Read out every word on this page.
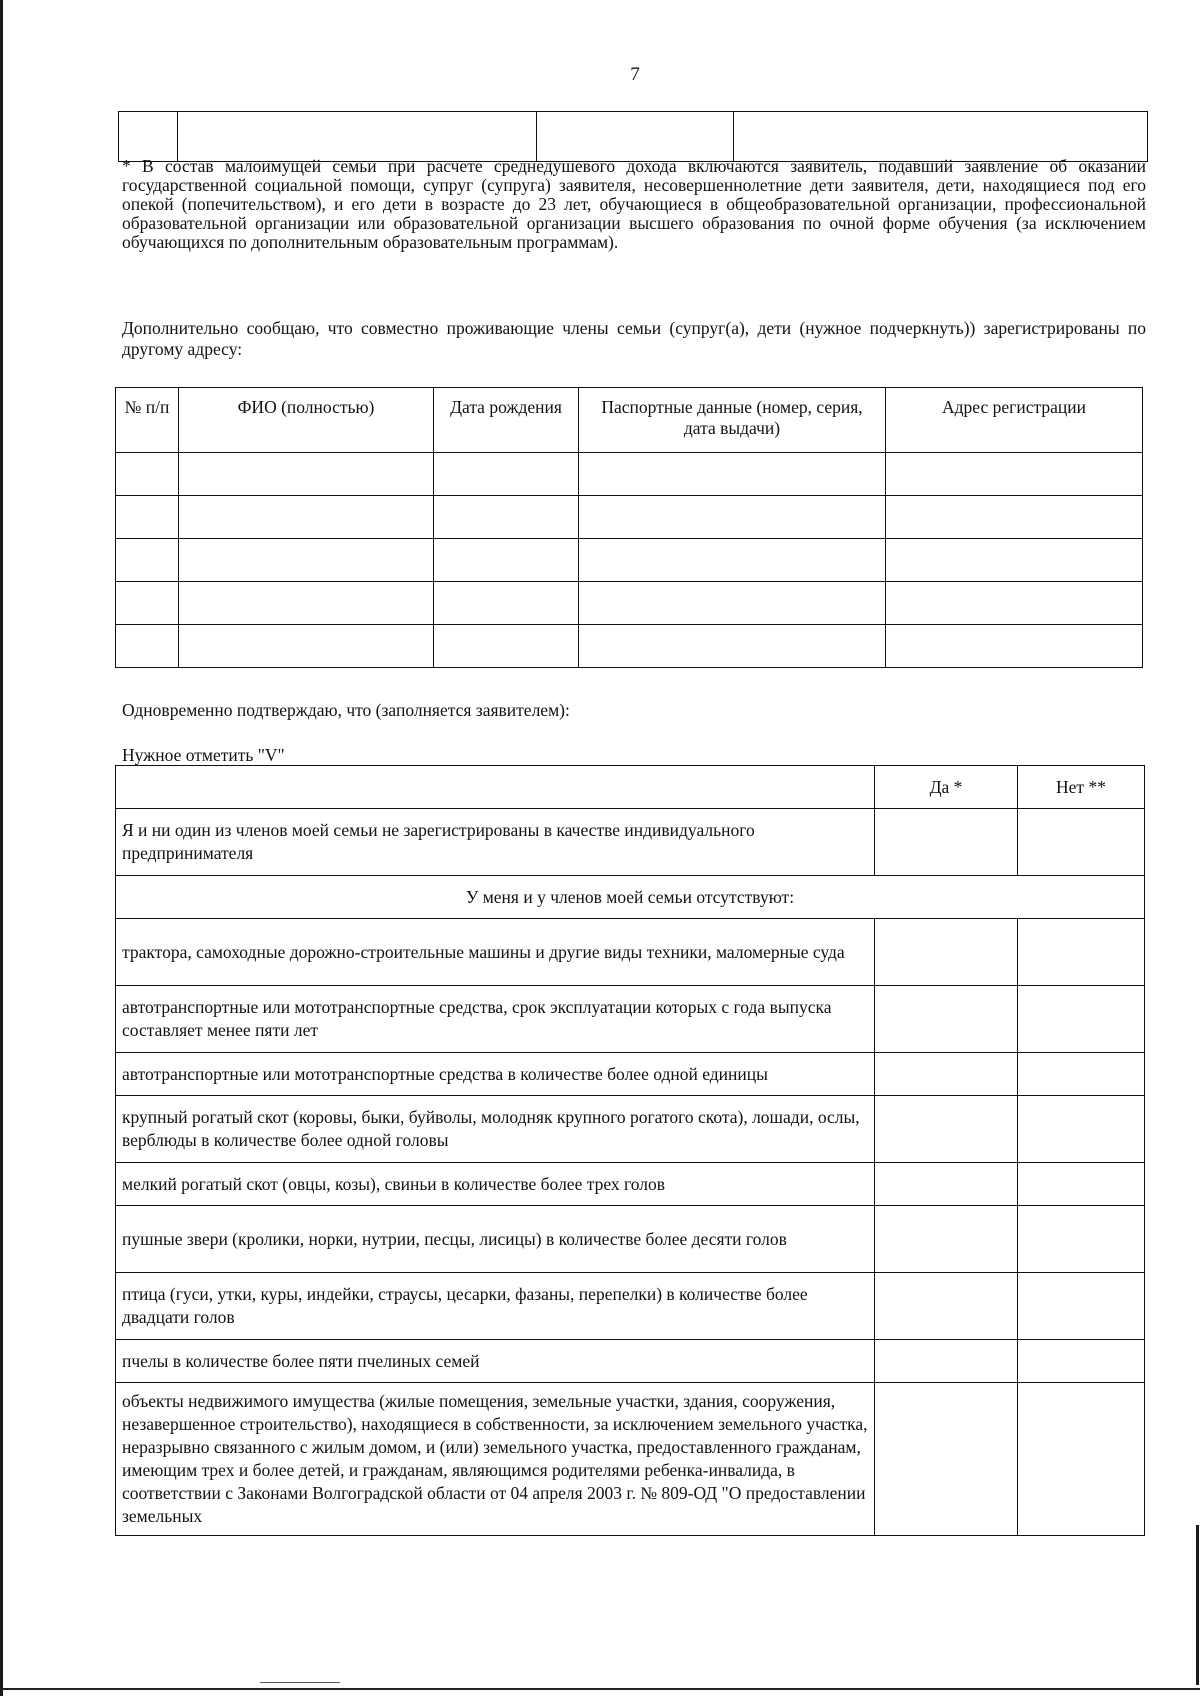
7

* В состав малоимущей семьи при расчете среднедушевого дохода включаются заявитель, подавший заявление об оказании государственной социальной помощи, супруг (супруга) заявителя, несовершеннолетние дети заявителя, дети, находящиеся под его опекой (попечительством), и его дети в возрасте до 23 лет, обучающиеся в общеобразовательной организации, профессиональной образовательной организации или образовательной организации высшего образования по очной форме обучения (за исключением обучающихся по дополнительным образовательным программам).
Дополнительно сообщаю, что совместно проживающие члены семьи (супруг(а), дети (нужное подчеркнуть)) зарегистрированы по другому адресу:
№ п/п	ФИО (полностью)	Дата рождения	Паспортные данные (номер, серия, дата выдачи)	Адрес регистрации

Одновременно подтверждаю, что (заполняется заявителем):
Нужное отметить "V"
	Да *	Нет **
Я и ни один из членов моей семьи не зарегистрированы в качестве индивидуального предпринимателя		
У меня и у членов моей семьи отсутствуют:		
трактора, самоходные дорожно-строительные машины и другие виды техники, маломерные суда		
автотранспортные или мототранспортные средства, срок эксплуатации которых с года выпуска составляет менее пяти лет		
автотранспортные или мототранспортные средства в количестве более одной единицы		
крупный рогатый скот (коровы, быки, буйволы, молодняк крупного рогатого скота), лошади, ослы, верблюды в количестве более одной головы		
мелкий рогатый скот (овцы, козы), свиньи в количестве более трех голов		
пушные звери (кролики, норки, нутрии, песцы, лисицы) в количестве более десяти голов		
птица (гуси, утки, куры, индейки, страусы, цесарки, фазаны, перепелки) в количестве более двадцати голов		
пчелы в количестве более пяти пчелиных семей		
объекты недвижимого имущества (жилые помещения, земельные участки, здания, сооружения, незавершенное строительство), находящиеся в собственности, за исключением земельного участка, неразрывно связанного с жилым домом, и (или) земельного участка, предоставленного гражданам, имеющим трех и более детей, и гражданам, являющимся родителями ребенка-инвалида, в соответствии с Законами Волгоградской области от 04 апреля 2003 г. № 809-ОД "О предоставлении земельных		
